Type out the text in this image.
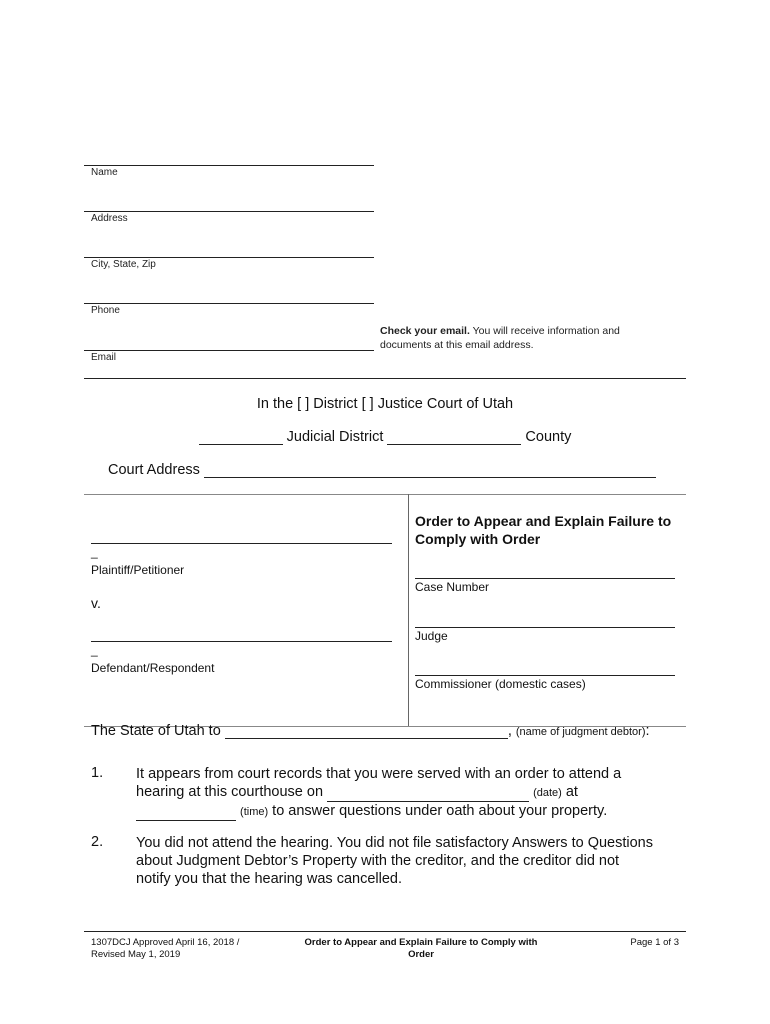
Name
Address
City, State, Zip
Phone
Email
Check your email. You will receive information and documents at this email address.
In the [ ] District [ ] Justice Court of Utah
Judicial District	County
Court Address
_
Plaintiff/Petitioner
v.
_
Defendant/Respondent
Order to Appear and Explain Failure to Comply with Order
Case Number
Judge
Commissioner (domestic cases)
The State of Utah to	, (name of judgment debtor):
1. It appears from court records that you were served with an order to attend a
hearing at this courthouse on	(date) at
(time) to answer questions under oath about your property.
2. You did not attend the hearing. You did not file satisfactory Answers to Questions
about Judgment Debtor’s Property with the creditor, and the creditor did not
notify you that the hearing was cancelled.
1307DCJ Approved April 16, 2018 /
Revised May 1, 2019
Order to Appear and Explain Failure to Comply with
Order
Page 1 of 3
